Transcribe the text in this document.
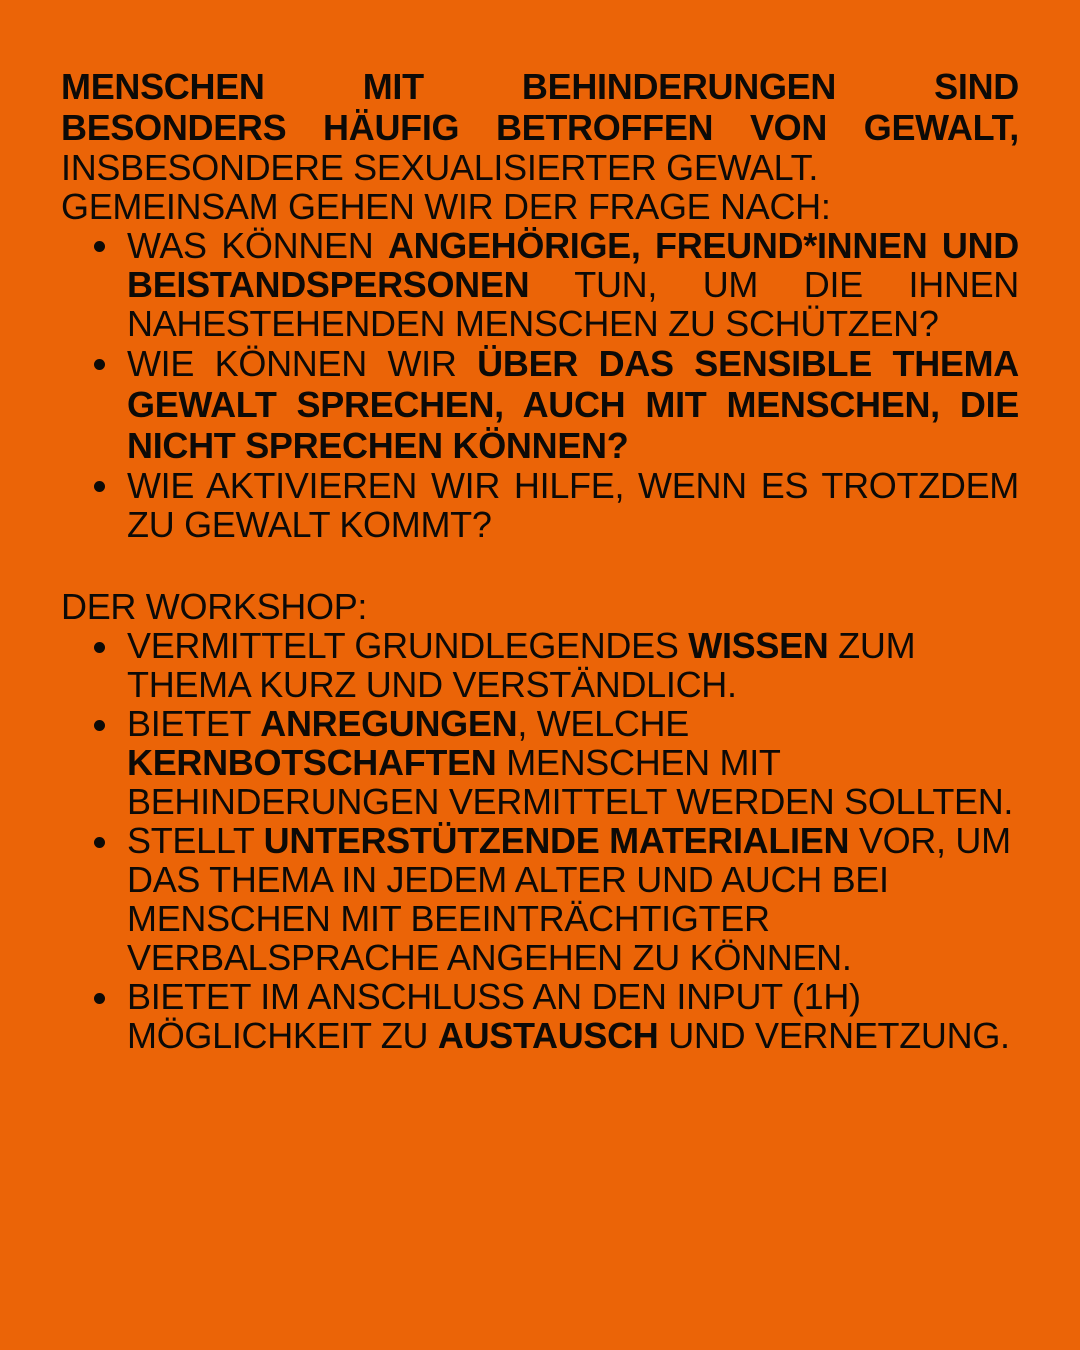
MENSCHEN MIT BEHINDERUNGEN SIND
BESONDERS HÄUFIG BETROFFEN VON GEWALT,
INSBESONDERE SEXUALISIERTER GEWALT.
GEMEINSAM GEHEN WIR DER FRAGE NACH:
WAS KÖNNEN ANGEHÖRIGE, FREUND*INNEN UND BEISTANDSPERSONEN TUN, UM DIE IHNEN NAHESTEHENDEN MENSCHEN ZU SCHÜTZEN?
WIE KÖNNEN WIR ÜBER DAS SENSIBLE THEMA GEWALT SPRECHEN, AUCH MIT MENSCHEN, DIE NICHT SPRECHEN KÖNNEN?
WIE AKTIVIEREN WIR HILFE, WENN ES TROTZDEM ZU GEWALT KOMMT?
DER WORKSHOP:
VERMITTELT GRUNDLEGENDES WISSEN ZUM THEMA KURZ UND VERSTÄNDLICH.
BIETET ANREGUNGEN, WELCHE KERNBOTSCHAFTEN MENSCHEN MIT BEHINDERUNGEN VERMITTELT WERDEN SOLLTEN.
STELLT UNTERSTÜTZENDE MATERIALIEN VOR, UM DAS THEMA IN JEDEM ALTER UND AUCH BEI MENSCHEN MIT BEEINTRÄCHTIGTER VERBALSPRACHE ANGEHEN ZU KÖNNEN.
BIETET IM ANSCHLUSS AN DEN INPUT (1H) MÖGLICHKEIT ZU AUSTAUSCH UND VERNETZUNG.
